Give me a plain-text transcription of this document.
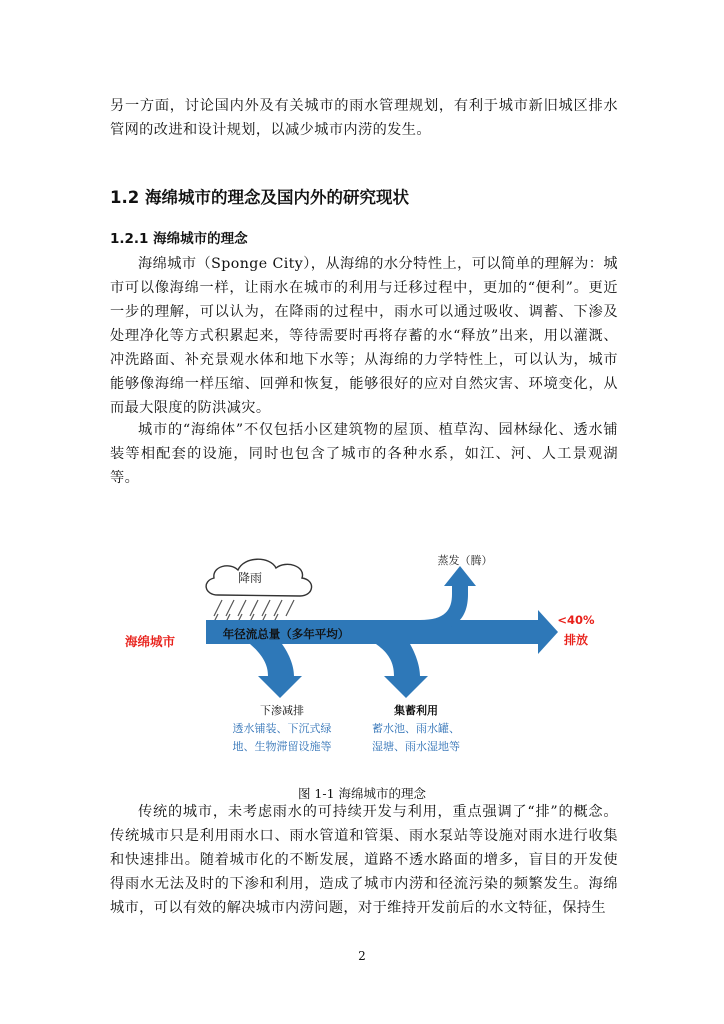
另一方面，讨论国内外及有关城市的雨水管理规划，有利于城市新旧城区排水管网的改进和设计规划，以减少城市内涝的发生。

1.2 海绵城市的理念及国内外的研究现状
1.2.1 海绵城市的理念

海绵城市（Sponge City），从海绵的水分特性上，可以简单的理解为：城市可以像海绵一样，让雨水在城市的利用与迁移过程中，更加的“便利”。更近一步的理解，可以认为，在降雨的过程中，雨水可以通过吸收、调蓄、下渗及处理净化等方式积累起来，等待需要时再将存蓄的水“释放”出来，用以灌溉、冲洗路面、补充景观水体和地下水等；从海绵的力学特性上，可以认为，城市能够像海绵一样压缩、回弹和恢复，能够很好的应对自然灾害、环境变化，从而最大限度的防洪减灾。

城市的“海绵体”不仅包括小区建筑物的屋顶、植草沟、园林绿化、透水铺装等相配套的设施，同时也包含了城市的各种水系，如江、河、人工景观湖等。

降雨
海绵城市	年径流总量（多年平均）
蒸发（腾）
<40%
排放
下渗减排
透水铺装、下沉式绿
地、生物滞留设施等
集蓄利用
蓄水池、雨水罐、
湿塘、雨水湿地等

图 1-1 海绵城市的理念

传统的城市，未考虑雨水的可持续开发与利用，重点强调了“排”的概念。传统城市只是利用雨水口、雨水管道和管渠、雨水泵站等设施对雨水进行收集和快速排出。随着城市化的不断发展，道路不透水路面的增多，盲目的开发使得雨水无法及时的下渗和利用，造成了城市内涝和径流污染的频繁发生。海绵城市，可以有效的解决城市内涝问题，对于维持开发前后的水文特征，保持生

2
